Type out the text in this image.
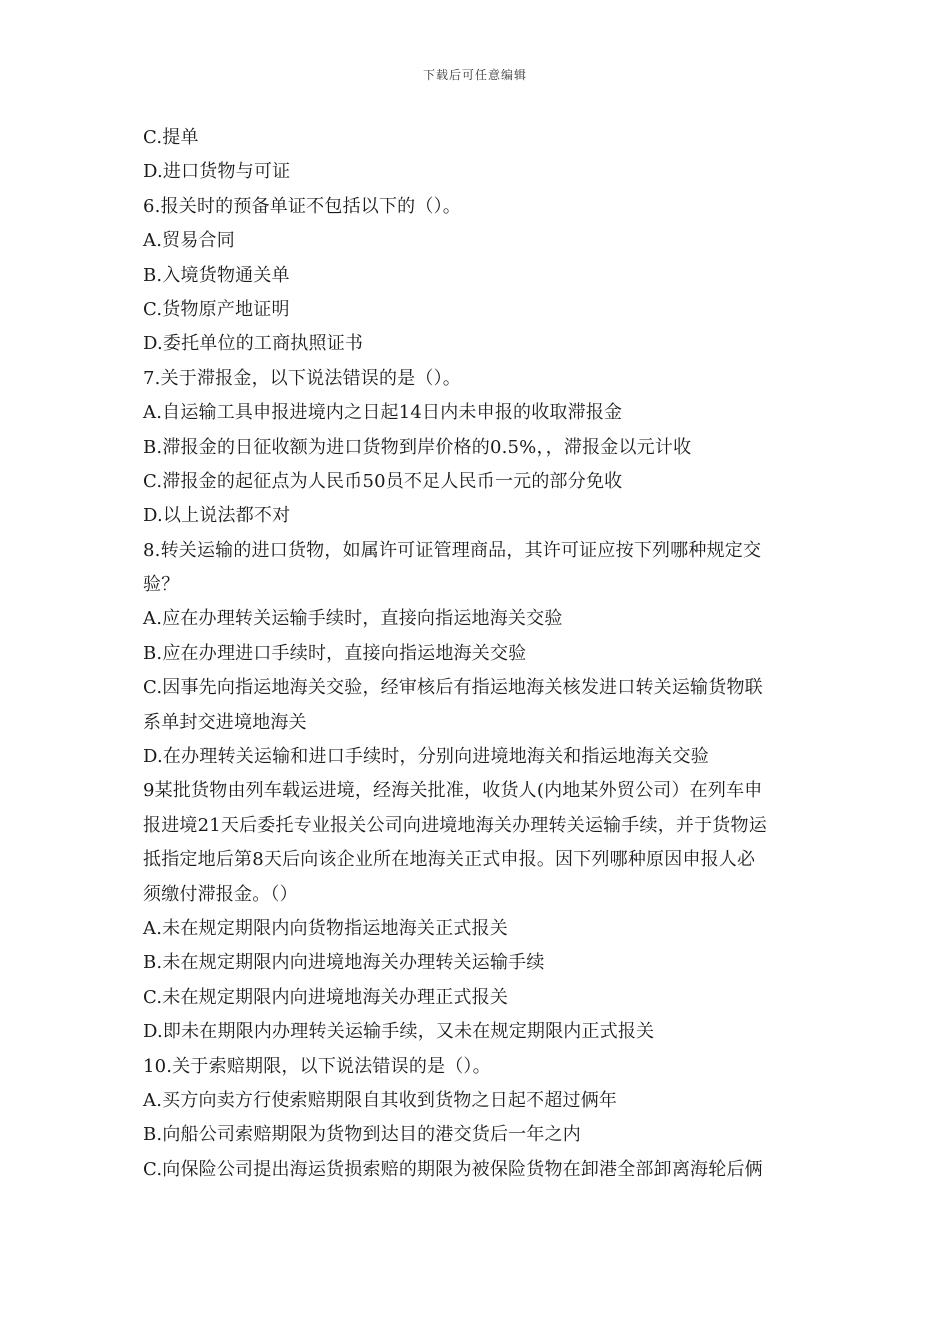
下载后可任意编辑
C.提单
D.进口货物与可证
6.报关时的预备单证不包括以下的（）。
A.贸易合同
B.入境货物通关单
C.货物原产地证明
D.委托单位的工商执照证书
7.关于滞报金，以下说法错误的是（）。
A.自运输工具申报进境内之日起14日内未申报的收取滞报金
B.滞报金的日征收额为进口货物到岸价格的0.5%，，滞报金以元计收
C.滞报金的起征点为人民币50员不足人民币一元的部分免收
D.以上说法都不对
8.转关运输的进口货物，如属许可证管理商品，其许可证应按下列哪种规定交
验？
A.应在办理转关运输手续时，直接向指运地海关交验
B.应在办理进口手续时，直接向指运地海关交验
C.因事先向指运地海关交验，经审核后有指运地海关核发进口转关运输货物联
系单封交进境地海关
D.在办理转关运输和进口手续时，分别向进境地海关和指运地海关交验
9某批货物由列车载运进境，经海关批准，收货人(内地某外贸公司）在列车申
报进境21天后委托专业报关公司向进境地海关办理转关运输手续，并于货物运
抵指定地后第8天后向该企业所在地海关正式申报。因下列哪种原因申报人必
须缴付滞报金。（）
A.未在规定期限内向货物指运地海关正式报关
B.未在规定期限内向进境地海关办理转关运输手续
C.未在规定期限内向进境地海关办理正式报关
D.即未在期限内办理转关运输手续，又未在规定期限内正式报关
10.关于索赔期限，以下说法错误的是（）。
A.买方向卖方行使索赔期限自其收到货物之日起不超过俩年
B.向船公司索赔期限为货物到达目的港交货后一年之内
C.向保险公司提出海运货损索赔的期限为被保险货物在卸港全部卸离海轮后俩
